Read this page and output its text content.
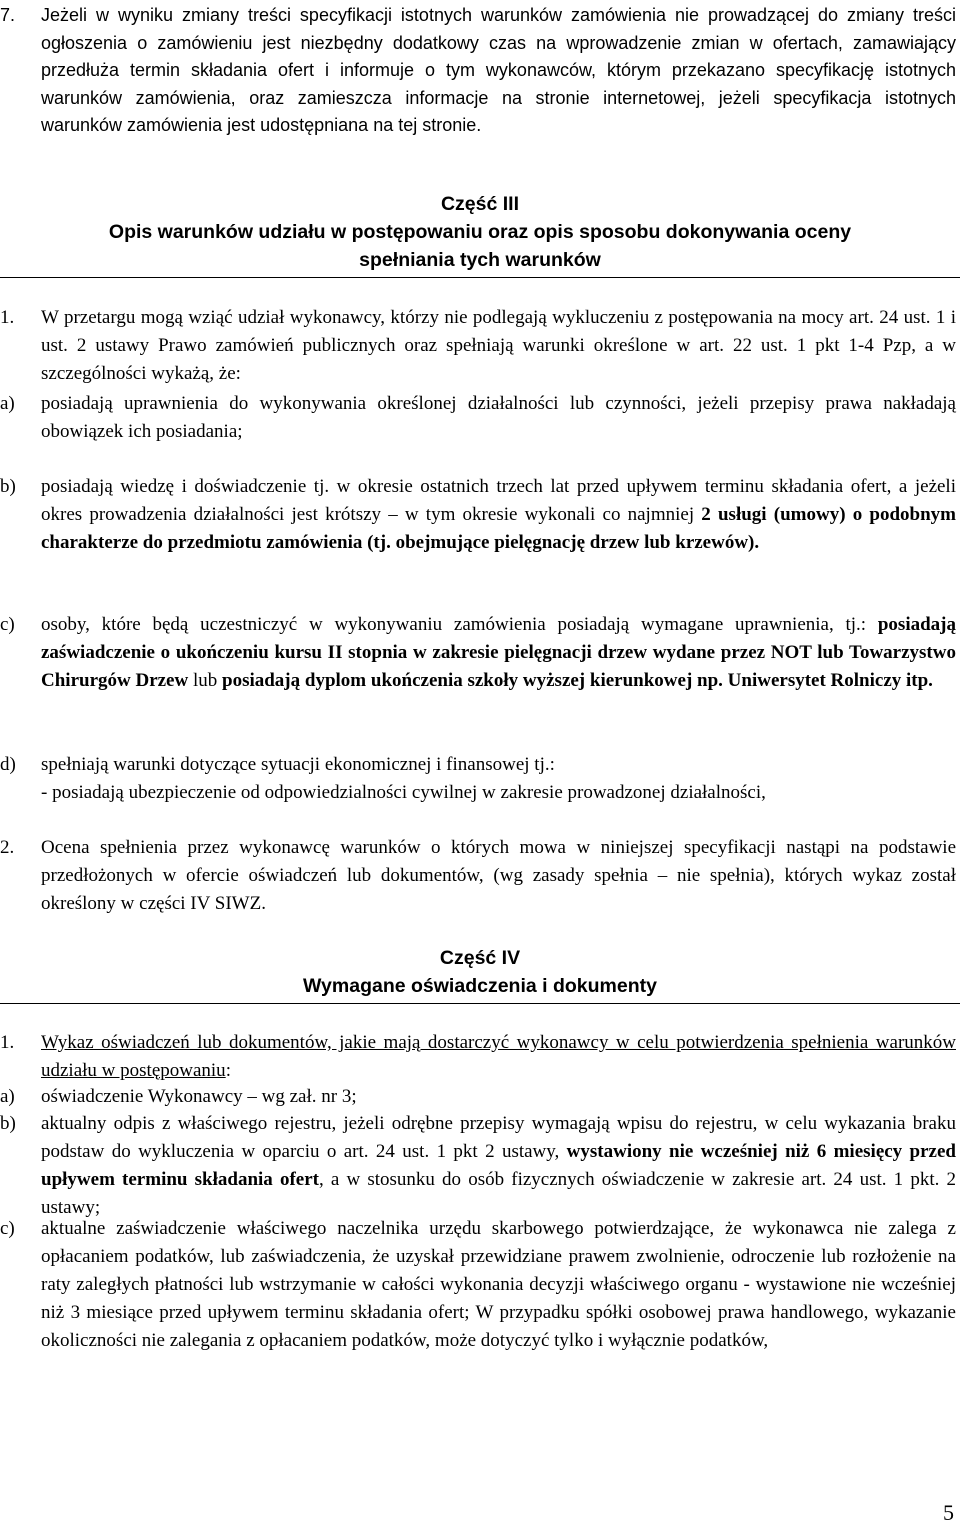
7. Jeżeli w wyniku zmiany treści specyfikacji istotnych warunków zamówienia nie prowadzącej do zmiany treści ogłoszenia o zamówieniu jest niezbędny dodatkowy czas na wprowadzenie zmian w ofertach, zamawiający przedłuża termin składania ofert i informuje o tym wykonawców, którym przekazano specyfikację istotnych warunków zamówienia, oraz zamieszcza informacje na stronie internetowej, jeżeli specyfikacja istotnych warunków zamówienia jest udostępniana na tej stronie.
Część III
Opis warunków udziału w postępowaniu oraz opis sposobu dokonywania oceny
spełniania tych warunków
1. W przetargu mogą wziąć udział wykonawcy, którzy nie podlegają wykluczeniu z postępowania na mocy art. 24 ust. 1 i ust. 2 ustawy Prawo zamówień publicznych oraz spełniają warunki określone w art. 22 ust. 1 pkt 1-4 Pzp, a w szczególności wykażą, że:
a) posiadają uprawnienia do wykonywania określonej działalności lub czynności, jeżeli przepisy prawa nakładają obowiązek ich posiadania;
b) posiadają wiedzę i doświadczenie tj. w okresie ostatnich trzech lat przed upływem terminu składania ofert, a jeżeli okres prowadzenia działalności jest krótszy – w tym okresie wykonali co najmniej 2 usługi (umowy) o podobnym charakterze do przedmiotu zamówienia (tj. obejmujące pielęgnację drzew lub krzewów).
c) osoby, które będą uczestniczyć w wykonywaniu zamówienia posiadają wymagane uprawnienia, tj.: posiadają zaświadczenie o ukończeniu kursu II stopnia w zakresie pielęgnacji drzew wydane przez NOT lub Towarzystwo Chirurgów Drzew lub posiadają dyplom ukończenia szkoły wyższej kierunkowej np. Uniwersytet Rolniczy itp.
d) spełniają warunki dotyczące sytuacji ekonomicznej i finansowej tj.:
- posiadają ubezpieczenie od odpowiedzialności cywilnej w zakresie prowadzonej działalności,
2. Ocena spełnienia przez wykonawcę warunków o których mowa w niniejszej specyfikacji nastąpi na podstawie przedłożonych w ofercie oświadczeń lub dokumentów, (wg zasady spełnia – nie spełnia), których wykaz został określony w części IV SIWZ.
Część IV
Wymagane oświadczenia i dokumenty
1. Wykaz oświadczeń lub dokumentów, jakie mają dostarczyć wykonawcy w celu potwierdzenia spełnienia warunków udziału w postępowaniu:
a) oświadczenie Wykonawcy – wg zał. nr 3;
b) aktualny odpis z właściwego rejestru, jeżeli odrębne przepisy wymagają wpisu do rejestru, w celu wykazania braku podstaw do wykluczenia w oparciu o art. 24 ust. 1 pkt 2 ustawy, wystawiony nie wcześniej niż 6 miesięcy przed upływem terminu składania ofert, a w stosunku do osób fizycznych oświadczenie w zakresie art. 24 ust. 1 pkt. 2 ustawy;
c) aktualne zaświadczenie właściwego naczelnika urzędu skarbowego potwierdzające, że wykonawca nie zalega z opłacaniem podatków, lub zaświadczenia, że uzyskał przewidziane prawem zwolnienie, odroczenie lub rozłożenie na raty zaległych płatności lub wstrzymanie w całości wykonania decyzji właściwego organu - wystawione nie wcześniej niż 3 miesiące przed upływem terminu składania ofert; W przypadku spółki osobowej prawa handlowego, wykazanie okoliczności nie zalegania z opłacaniem podatków, może dotyczyć tylko i wyłącznie podatków,
5
